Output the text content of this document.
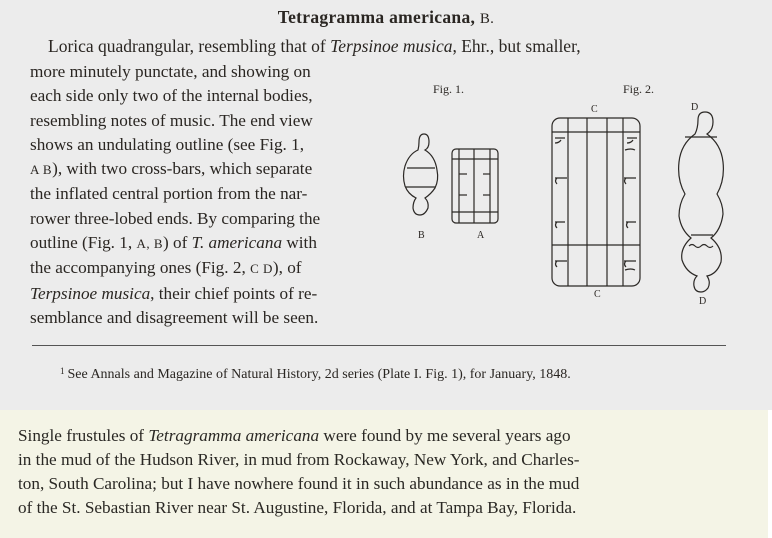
Tetragramma americana, B.
Lorica quadrangular, resembling that of Terpsinoe musica, Ehr., but smaller,
more minutely punctate, and showing on
each side only two of the internal bodies,
resembling notes of music. The end view
shows an undulating outline (see Fig. 1,
A B), with two cross-bars, which separate
the inflated central portion from the nar-
rower three-lobed ends. By comparing the
outline (Fig. 1, A, B) of T. americana with
the accompanying ones (Fig. 2, C D), of
Terpsinoe musica, their chief points of re-
semblance and disagreement will be seen.
Fig. 1.	Fig. 2.
B	A
C
C
D
D
$^1$ See Annals and Magazine of Natural History, 2d series (Plate I. Fig. 1), for January, 1848.
Single frustules of Tetragramma americana were found by me several years ago
in the mud of the Hudson River, in mud from Rockaway, New York, and Charles-
ton, South Carolina; but I have nowhere found it in such abundance as in the mud
of the St. Sebastian River near St. Augustine, Florida, and at Tampa Bay, Florida.
